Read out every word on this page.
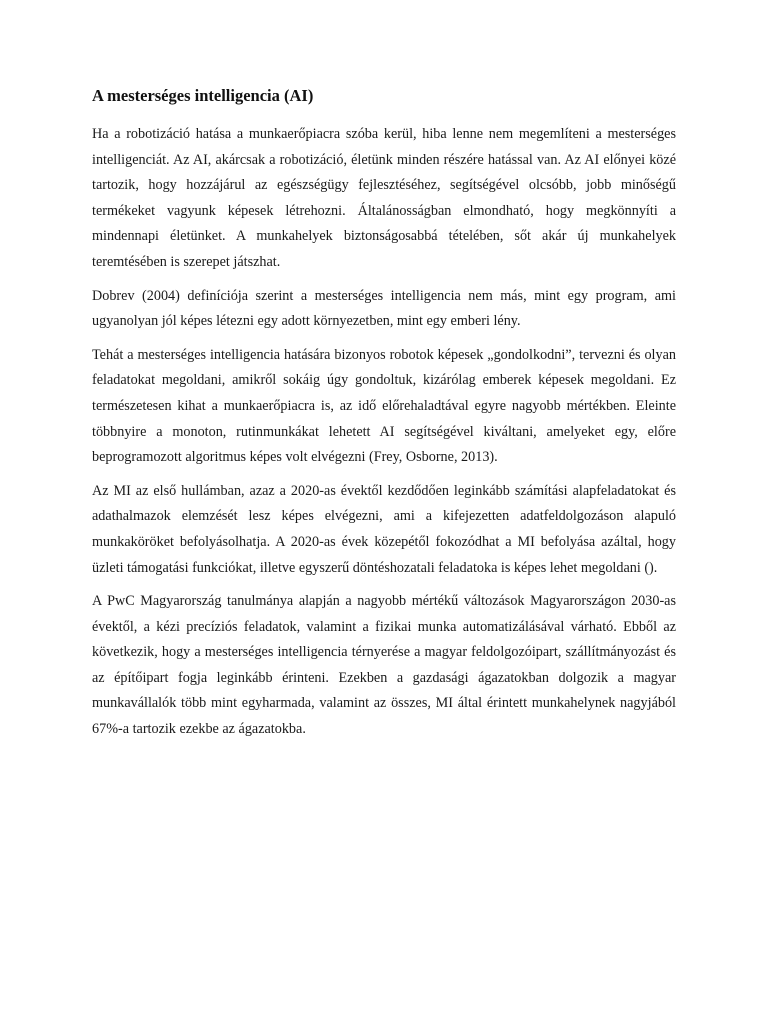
A mesterséges intelligencia (AI)

Ha a robotizáció hatása a munkaerőpiacra szóba kerül, hiba lenne nem megemlíteni a mesterséges intelligenciát. Az AI, akárcsak a robotizáció, életünk minden részére hatással van. Az AI előnyei közé tartozik, hogy hozzájárul az egészségügy fejlesztéséhez, segítségével olcsóbb, jobb minőségű termékeket vagyunk képesek létrehozni. Általánosságban elmondható, hogy megkönnyíti a mindennapi életünket. A munkahelyek biztonságosabbá tételében, sőt akár új munkahelyek teremtésében is szerepet játszhat.

Dobrev (2004) definíciója szerint a mesterséges intelligencia nem más, mint egy program, ami ugyanolyan jól képes létezni egy adott környezetben, mint egy emberi lény.

Tehát a mesterséges intelligencia hatására bizonyos robotok képesek „gondolkodni”, tervezni és olyan feladatokat megoldani, amikről sokáig úgy gondoltuk, kizárólag emberek képesek megoldani. Ez természetesen kihat a munkaerőpiacra is, az idő előrehaladtával egyre nagyobb mértékben. Eleinte többnyire a monoton, rutinmunkákat lehetett AI segítségével kiváltani, amelyeket egy, előre beprogramozott algoritmus képes volt elvégezni (Frey, Osborne, 2013).

Az MI az első hullámban, azaz a 2020-as évektől kezdődően leginkább számítási alapfeladatokat és adathalmazok elemzését lesz képes elvégezni, ami a kifejezetten adatfeldolgozáson alapuló munkaköröket befolyásolhatja. A 2020-as évek közepétől fokozódhat a MI befolyása azáltal, hogy üzleti támogatási funkciókat, illetve egyszerű döntéshozatali feladatoka is képes lehet megoldani ().

A PwC Magyarország tanulmánya alapján a nagyobb mértékű változások Magyarországon 2030-as évektől, a kézi precíziós feladatok, valamint a fizikai munka automatizálásával várható. Ebből az következik, hogy a mesterséges intelligencia térnyerése a magyar feldolgozóipart, szállítmányozást és az építőipart fogja leginkább érinteni. Ezekben a gazdasági ágazatokban dolgozik a magyar munkavállalók több mint egyharmada, valamint az összes, MI által érintett munkahelynek nagyjából 67%-a tartozik ezekbe az ágazatokba.
